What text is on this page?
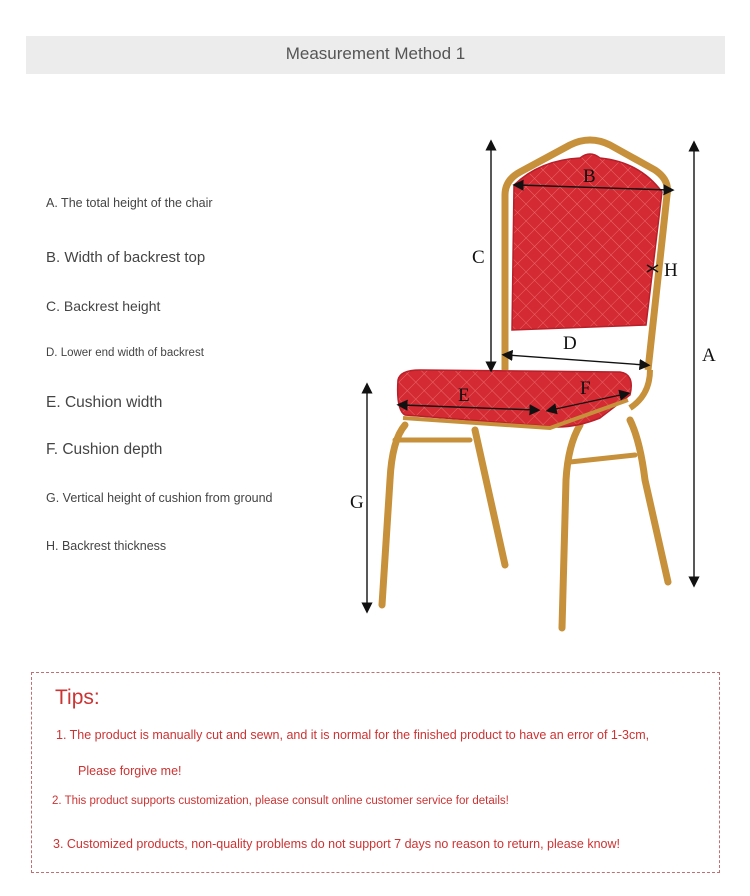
Measurement Method 1
A. The total height of the chair
B. Width of backrest top
C. Backrest height
D. Lower end width of backrest
E. Cushion width
F. Cushion depth
G. Vertical height of cushion from ground
H. Backrest thickness
B
C
H
D
A
E	F
G
Tips:
1. The product is manually cut and sewn, and it is normal for the finished product to have an error of 1-3cm,
Please forgive me!
2. This product supports customization, please consult online customer service for details!
3. Customized products, non-quality problems do not support 7 days no reason to return, please know!
